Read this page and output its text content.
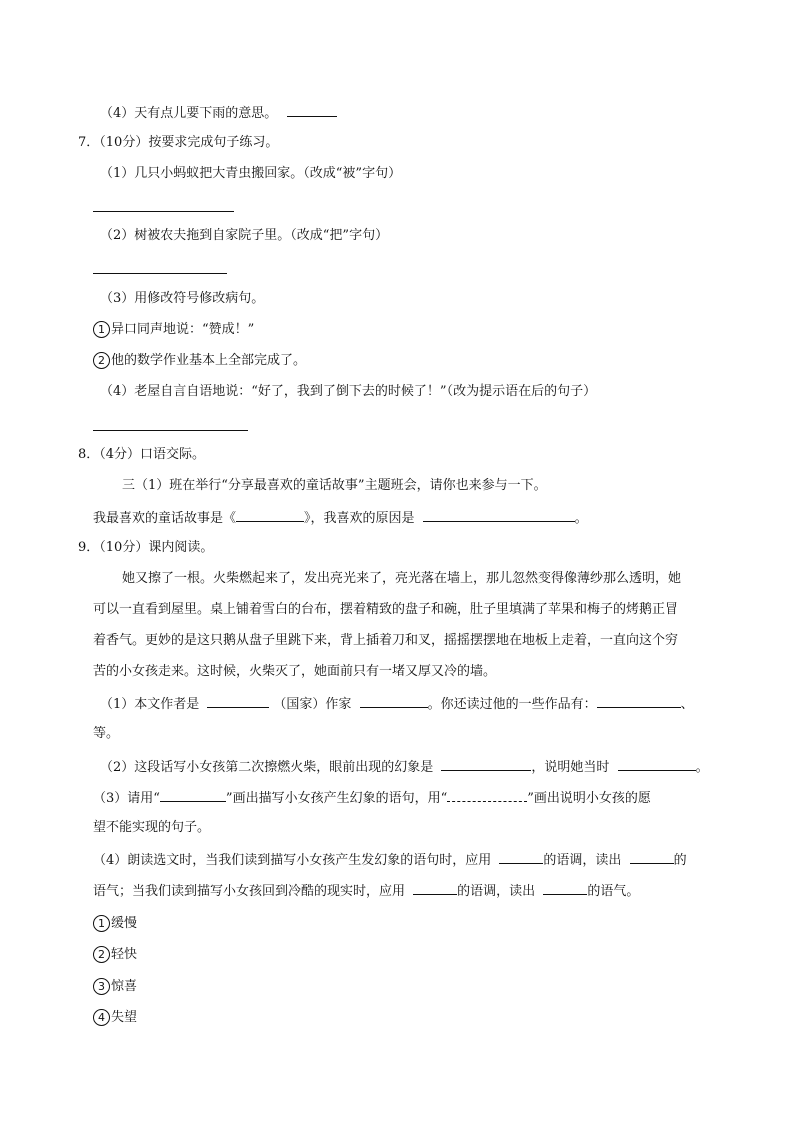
（4）天有点儿要下雨的意思。
7．（10分）按要求完成句子练习。
（1）几只小蚂蚁把大青虫搬回家。（改成“被”字句）
（2）树被农夫拖到自家院子里。（改成“把”字句）
（3）用修改符号修改病句。
1 异口同声地说：“赞成！”
2 他的数学作业基本上全部完成了。
（4）老屋自言自语地说：“好了，我到了倒下去的时候了！”（改为提示语在后的句子）
8．（4分）口语交际。
三（1）班在举行“分享最喜欢的童话故事”主题班会，请你也来参与一下。
我最喜欢的童话故事是《	》，我喜欢的原因是	。
9．（10分）课内阅读。
她又擦了一根。火柴燃起来了，发出亮光来了，亮光落在墙上，那儿忽然变得像薄纱那么透明，她
可以一直看到屋里。桌上铺着雪白的台布，摆着精致的盘子和碗，肚子里填满了苹果和梅子的烤鹅正冒
着香气。更妙的是这只鹅从盘子里跳下来，背上插着刀和叉，摇摇摆摆地在地板上走着，一直向这个穷
苦的小女孩走来。这时候，火柴灭了，她面前只有一堵又厚又冷的墙。
（1）本文作者是	（国家）作家	。你还读过他的一些作品有：	、
等。
（2）这段话写小女孩第二次擦燃火柴，眼前出现的幻象是	，说明她当时	。
（3）请用“	”画出描写小女孩产生幻象的语句，用“	”画出说明小女孩的愿
望不能实现的句子。
（4）朗读选文时，当我们读到描写小女孩产生发幻象的语句时，应用	的语调，读出	的
语气；当我们读到描写小女孩回到冷酷的现实时，应用	的语调，读出	的语气。
1 缓慢
2 轻快
3 惊喜
4 失望
